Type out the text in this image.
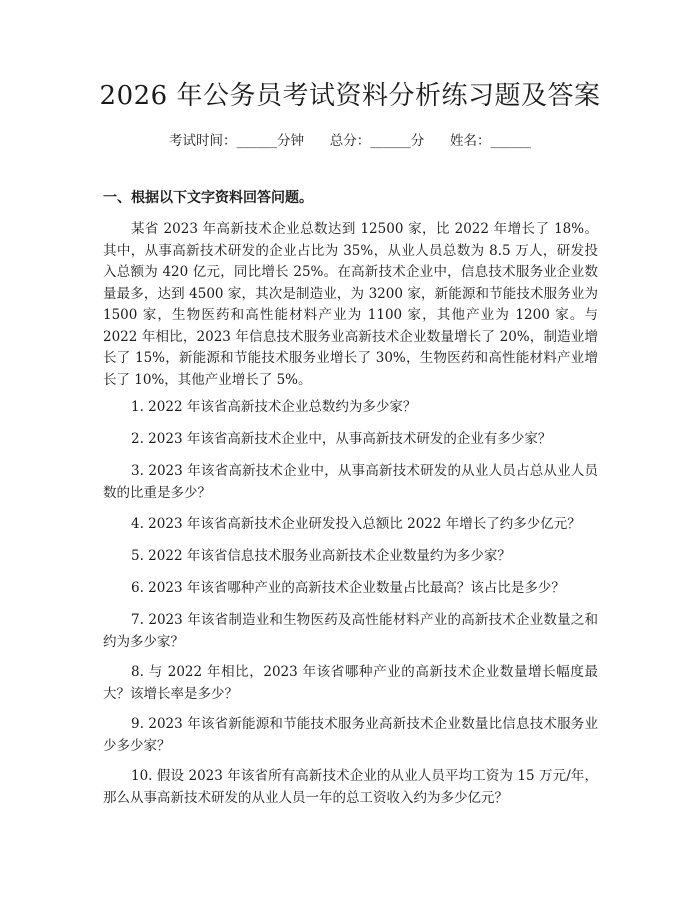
2026 年公务员考试资料分析练习题及答案
考试时间：______分钟      总分：______分      姓名：______
一、根据以下文字资料回答问题。

某省 2023 年高新技术企业总数达到 12500 家，比 2022 年增长了 18%。其中，从事高新技术研发的企业占比为 35%，从业人员总数为 8.5 万人，研发投入总额为 420 亿元，同比增长 25%。在高新技术企业中，信息技术服务业企业数量最多，达到 4500 家，其次是制造业，为 3200 家，新能源和节能技术服务业为 1500 家，生物医药和高性能材料产业为 1100 家，其他产业为 1200 家。与 2022 年相比，2023 年信息技术服务业高新技术企业数量增长了 20%，制造业增长了 15%，新能源和节能技术服务业增长了 30%，生物医药和高性能材料产业增长了 10%，其他产业增长了 5%。

1. 2022 年该省高新技术企业总数约为多少家？

2. 2023 年该省高新技术企业中，从事高新技术研发的企业有多少家？

3. 2023 年该省高新技术企业中，从事高新技术研发的从业人员占总从业人员数的比重是多少？

4. 2023 年该省高新技术企业研发投入总额比 2022 年增长了约多少亿元？

5. 2022 年该省信息技术服务业高新技术企业数量约为多少家？

6. 2023 年该省哪种产业的高新技术企业数量占比最高？该占比是多少？

7. 2023 年该省制造业和生物医药及高性能材料产业的高新技术企业数量之和约为多少家？

8. 与 2022 年相比，2023 年该省哪种产业的高新技术企业数量增长幅度最大？该增长率是多少？

9. 2023 年该省新能源和节能技术服务业高新技术企业数量比信息技术服务业少多少家？

10. 假设 2023 年该省所有高新技术企业的从业人员平均工资为 15 万元/年，那么从事高新技术研发的从业人员一年的总工资收入约为多少亿元？
